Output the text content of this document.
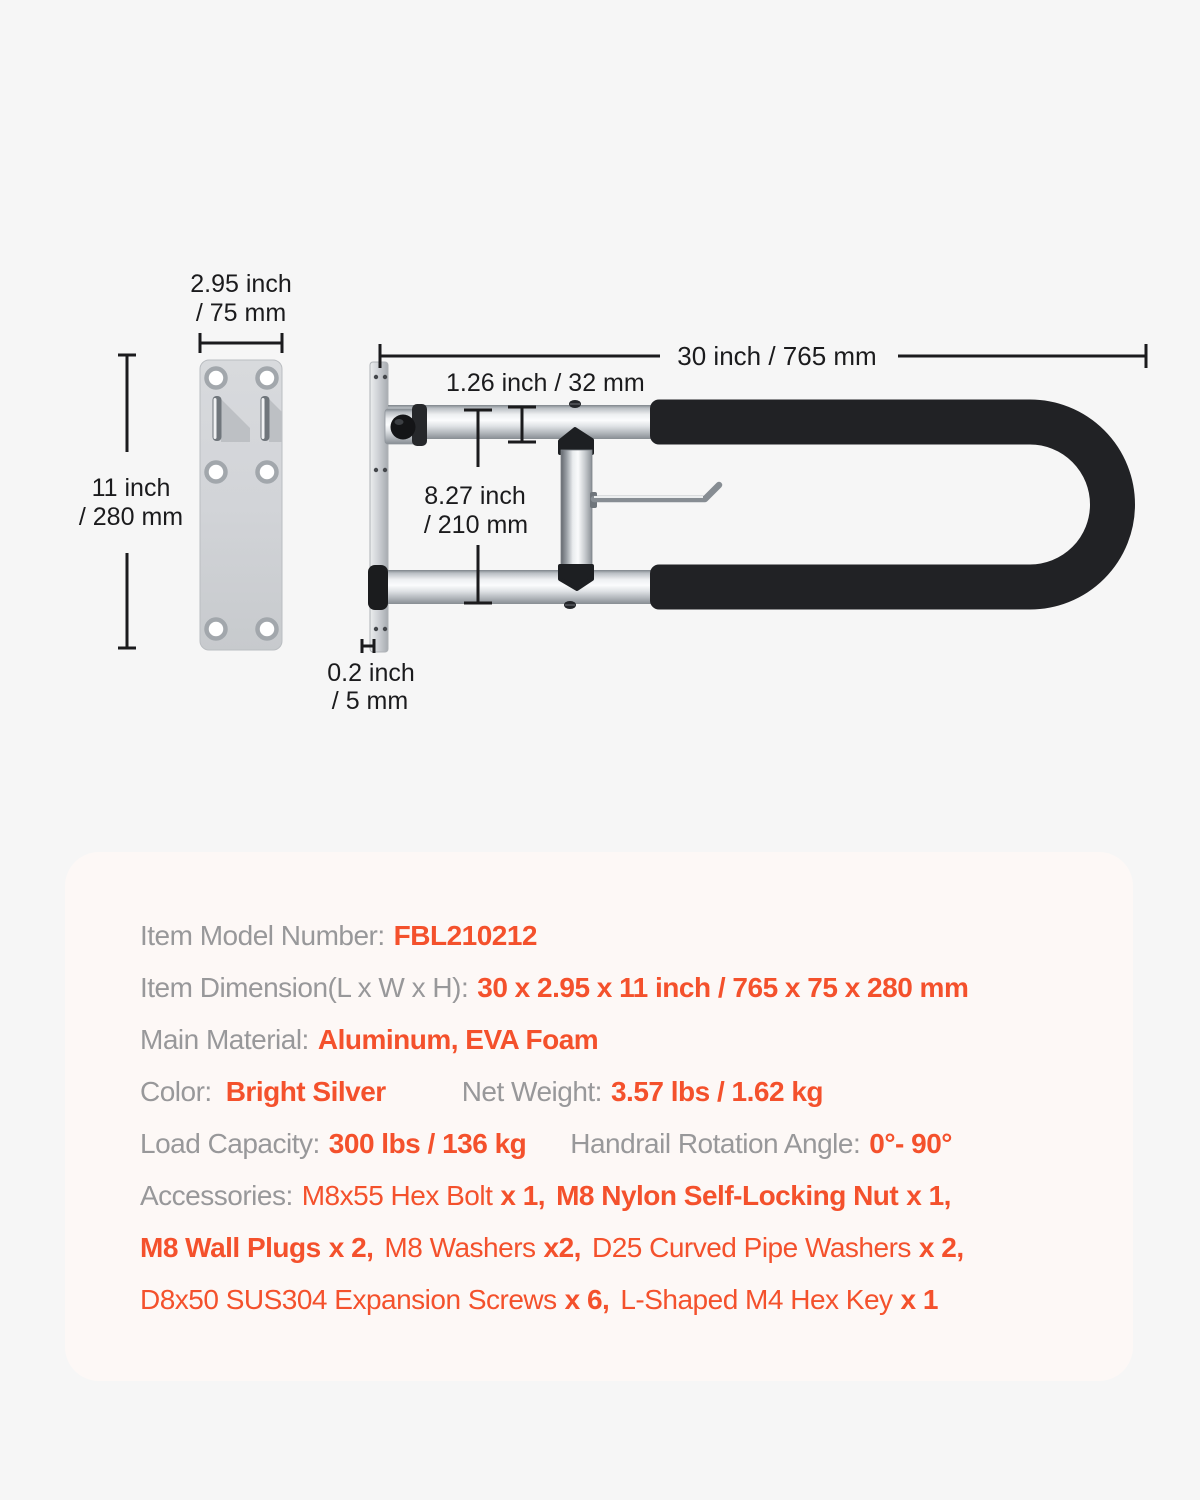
2.95 inch
/ 75 mm
30 inch / 765 mm
1.26 inch / 32 mm
11 inch
/ 280 mm
8.27 inch
/ 210 mm
0.2 inch
/ 5 mm
Item Model Number: FBL210212
Item Dimension(L x W x H): 30 x 2.95 x 11 inch / 765 x 75 x 280 mm
Main Material: Aluminum, EVA Foam
Color: Bright Silver	Net Weight: 3.57 lbs / 1.62 kg
Load Capacity: 300 lbs / 136 kg Handrail Rotation Angle: 0°- 90°
Accessories: M8x55 Hex Bolt x 1, M8 Nylon Self-Locking Nut x 1,
M8 Wall Plugs x 2, M8 Washers x2, D25 Curved Pipe Washers x 2,
D8x50 SUS304 Expansion Screws x 6, L-Shaped M4 Hex Key x 1
